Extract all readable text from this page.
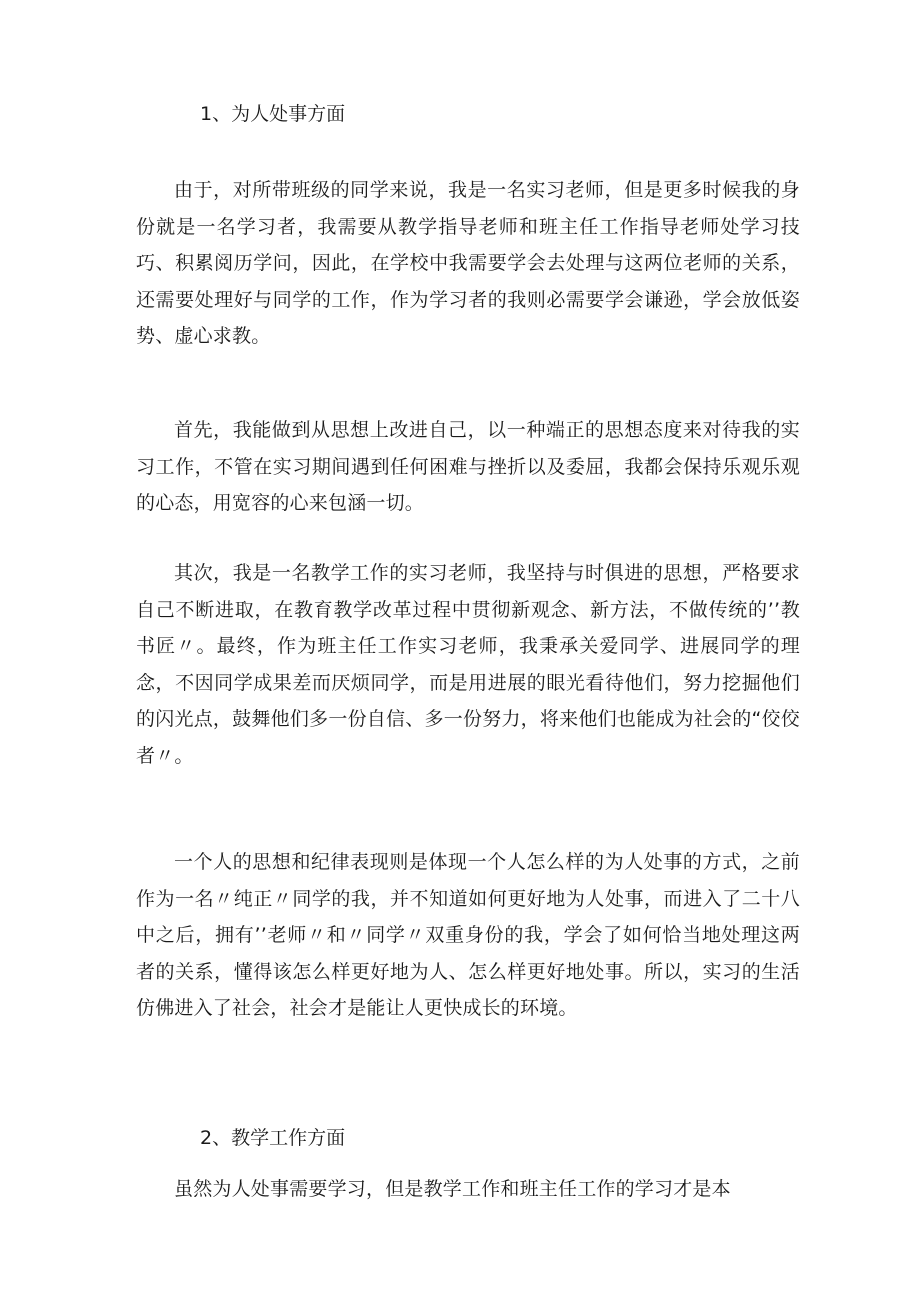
1、为人处事方面

由于，对所带班级的同学来说，我是一名实习老师，但是更多时候我的身份就是一名学习者，我需要从教学指导老师和班主任工作指导老师处学习技巧、积累阅历学问，因此，在学校中我需要学会去处理与这两位老师的关系，还需要处理好与同学的工作，作为学习者的我则必需要学会谦逊，学会放低姿势、虚心求教。

首先，我能做到从思想上改进自己，以一种端正的思想态度来对待我的实习工作，不管在实习期间遇到任何困难与挫折以及委屈，我都会保持乐观乐观的心态，用宽容的心来包涵一切。

其次，我是一名教学工作的实习老师，我坚持与时俱进的思想，严格要求自己不断进取，在教育教学改革过程中贯彻新观念、新方法，不做传统的’’教书匠〃。最终，作为班主任工作实习老师，我秉承关爱同学、进展同学的理念，不因同学成果差而厌烦同学，而是用进展的眼光看待他们，努力挖掘他们的闪光点，鼓舞他们多一份自信、多一份努力，将来他们也能成为社会的“佼佼者〃。

一个人的思想和纪律表现则是体现一个人怎么样的为人处事的方式，之前作为一名〃纯正〃同学的我，并不知道如何更好地为人处事，而进入了二十八中之后，拥有’’老师〃和〃同学〃双重身份的我，学会了如何恰当地处理这两者的关系，懂得该怎么样更好地为人、怎么样更好地处事。所以，实习的生活仿佛进入了社会，社会才是能让人更快成长的环境。

2、教学工作方面

虽然为人处事需要学习，但是教学工作和班主任工作的学习才是本
